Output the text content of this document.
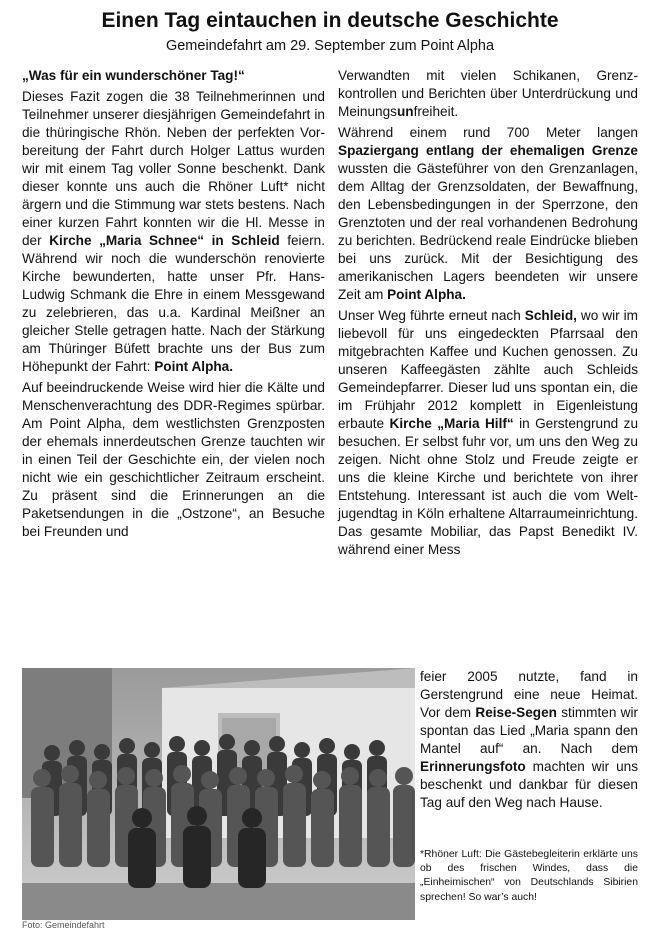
Einen Tag eintauchen in deutsche Geschichte
Gemeindefahrt am 29. September zum Point Alpha

„Was für ein wunderschöner Tag!“

Dieses Fazit zogen die 38 Teilnehmerinnen und Teilnehmer unserer diesjährigen Gemeindefahrt in die thüringische Rhön. Neben der perfekten Vorbereitung der Fahrt durch Holger Lattus wurden wir mit einem Tag voller Sonne beschenkt. Dank dieser konnte uns auch die Rhöner Luft* nicht ärgern und die Stimmung war stets bestens. Nach einer kurzen Fahrt konnten wir die Hl. Messe in der Kirche „Maria Schnee“ in Schleid feiern. Während wir noch die wunderschön renovierte Kirche bewunderten, hatte unser Pfr. Hans-Ludwig Schmank die Ehre in einem Messgewand zu zelebrieren, das u.a. Kardinal Meißner an gleicher Stelle getragen hatte. Nach der Stärkung am Thüringer Büfett brachte uns der Bus zum Höhepunkt der Fahrt: Point Alpha.

Auf beeindruckende Weise wird hier die Kälte und Menschenverachtung des DDR-Regimes spürbar. Am Point Alpha, dem westlichsten Grenzposten der ehemals innerdeutschen Grenze tauchten wir in einen Teil der Geschichte ein, der vielen noch nicht wie ein geschichtlicher Zeitraum erscheint. Zu präsent sind die Erinnerungen an die Paketsendungen in die „Ostzone“, an Besuche bei Freunden und

Verwandten mit vielen Schikanen, Grenzkontrollen und Berichten über Unterdrückung und Meinungsunfreiheit.

Während einem rund 700 Meter langen Spaziergang entlang der ehemaligen Grenze wussten die Gästeführer von den Grenzanlagen, dem Alltag der Grenzsoldaten, der Bewaffnung, den Lebensbedingungen in der Sperrzone, den Grenztoten und der real vorhandenen Bedrohung zu berichten. Bedrückend reale Eindrücke blieben bei uns zurück. Mit der Besichtigung des amerikanischen Lagers beendeten wir unsere Zeit am Point Alpha.

Unser Weg führte erneut nach Schleid, wo wir im liebevoll für uns eingedeckten Pfarrsaal den mitgebrachten Kaffee und Kuchen genossen. Zu unseren Kaffeegästen zählte auch Schleids Gemeindepfarrer. Dieser lud uns spontan ein, die im Frühjahr 2012 komplett in Eigenleistung erbaute Kirche „Maria Hilf“ in Gerstengrund zu besuchen. Er selbst fuhr vor, um uns den Weg zu zeigen. Nicht ohne Stolz und Freude zeigte er uns die kleine Kirche und berichtete von ihrer Entstehung. Interessant ist auch die vom Weltjugendtag in Köln erhaltene Altarraumeinrichtung. Das gesamte Mobiliar, das Papst Benedikt IV. während einer Mess

feier 2005 nutzte, fand in Gerstengrund eine neue Heimat. Vor dem Reise-Segen stimmten wir spontan das Lied „Maria spann den Mantel auf“ an. Nach dem Erinnerungsfoto machten wir uns beschenkt und dankbar für diesen Tag auf den Weg nach Hause.

*Rhöner Luft: Die Gästebegleiterin erklärte uns ob des frischen Windes, dass die „Einheimischen“ von Deutschlands Sibirien sprechen! So war’s auch!
Foto: Gemeindefahrt
